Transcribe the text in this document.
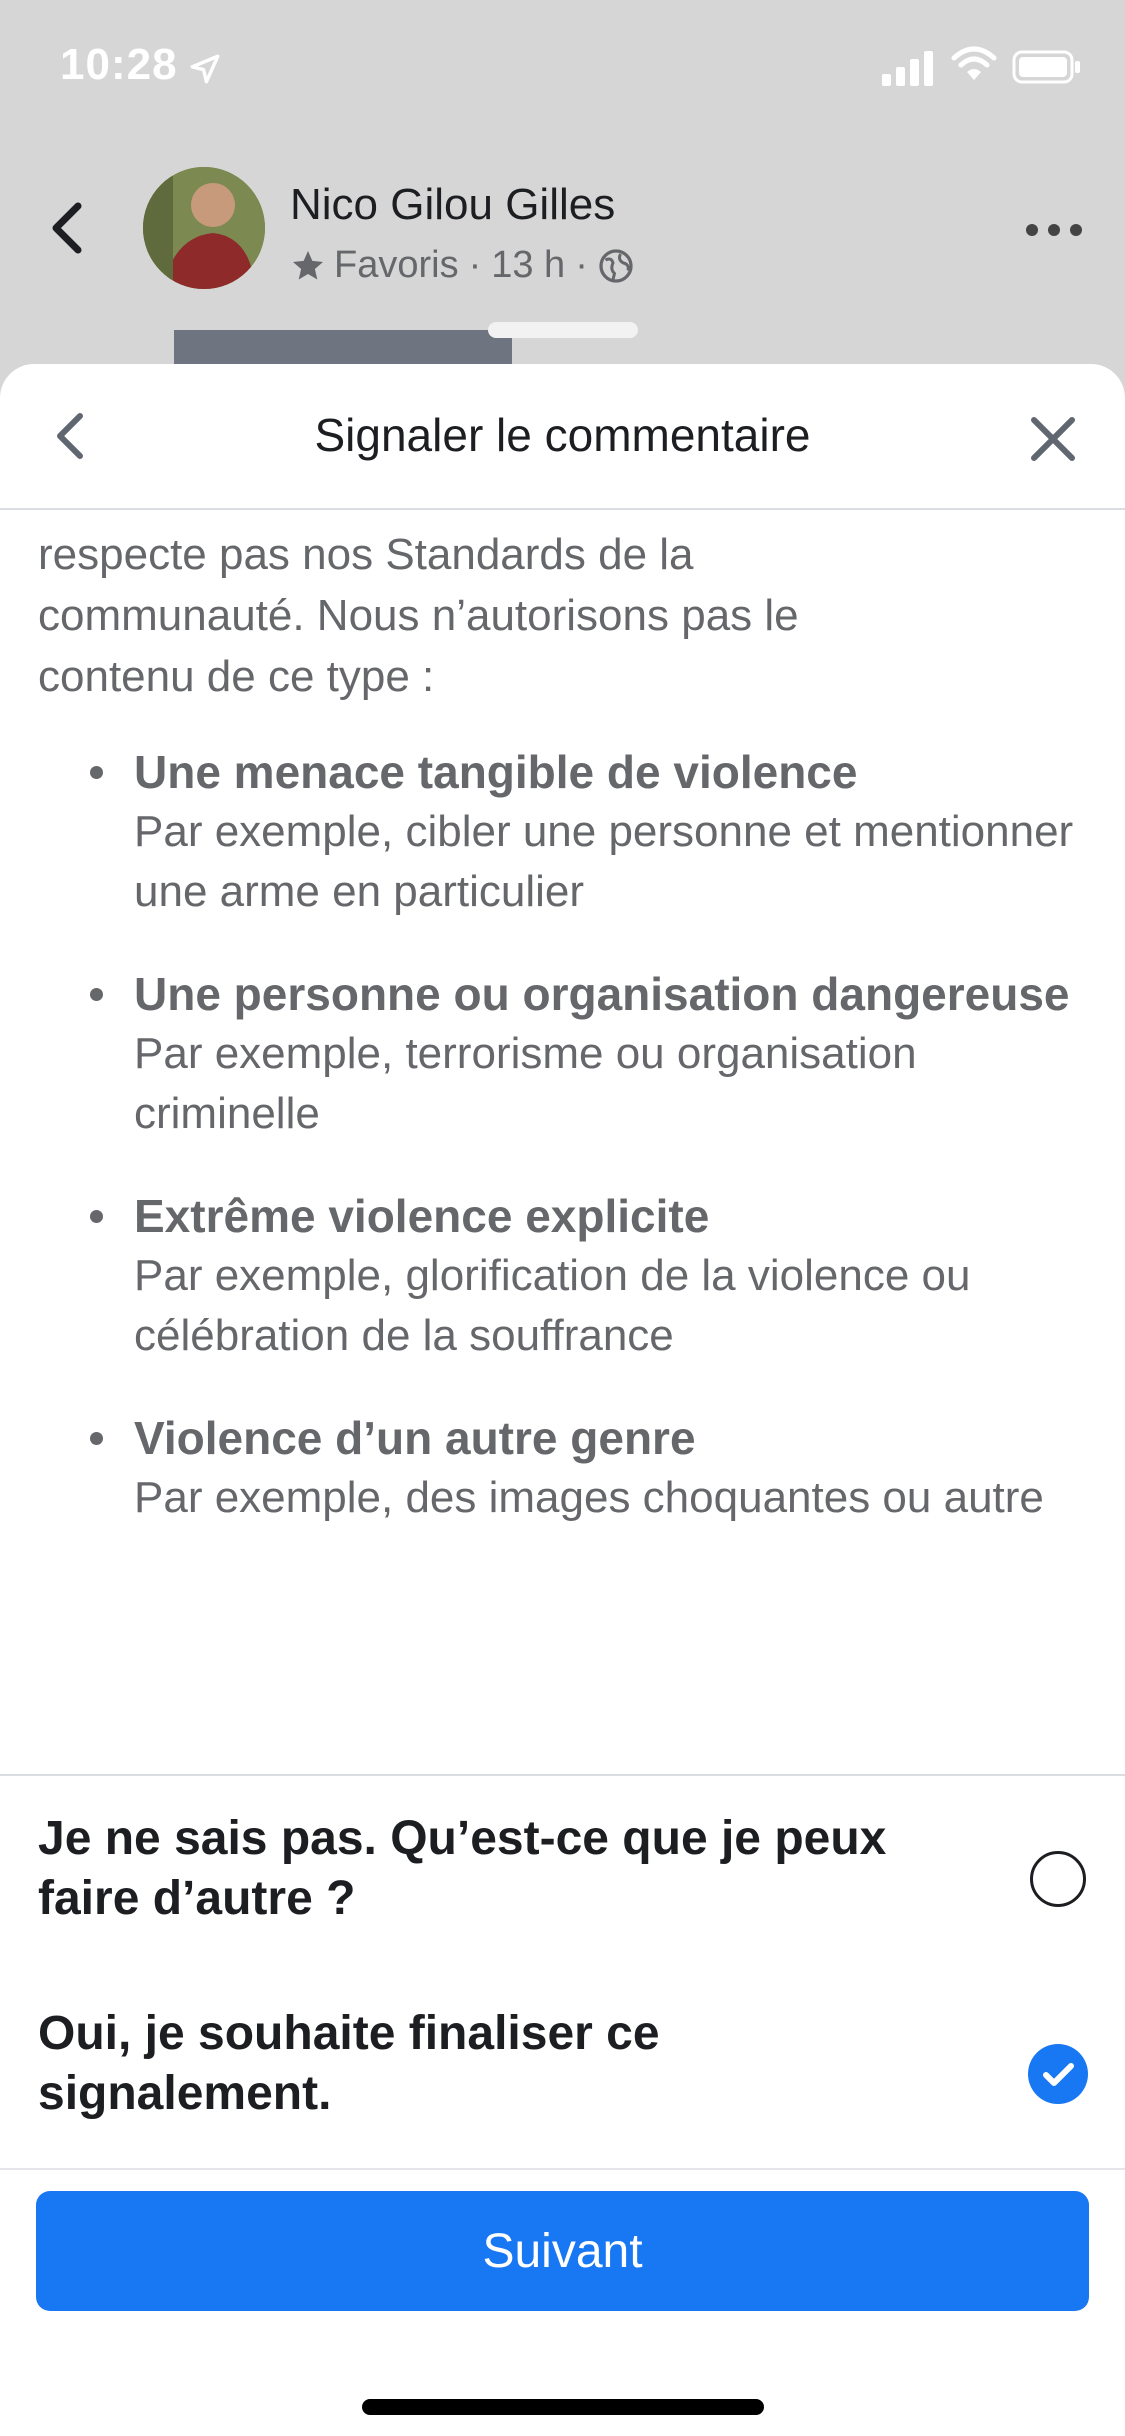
10:28
Nico Gilou Gilles
Favoris · 13 h ·
Signaler le commentaire
respecte pas nos Standards de la
communauté. Nous n’autorisons pas le
contenu de ce type :
Une menace tangible de violence
Par exemple, cibler une personne et mentionner une arme en particulier
Une personne ou organisation dangereuse
Par exemple, terrorisme ou organisation criminelle
Extrême violence explicite
Par exemple, glorification de la violence ou célébration de la souffrance
Violence d’un autre genre
Par exemple, des images choquantes ou autre
Je ne sais pas. Qu’est-ce que je peux faire d’autre ?
Oui, je souhaite finaliser ce signalement.
Suivant
